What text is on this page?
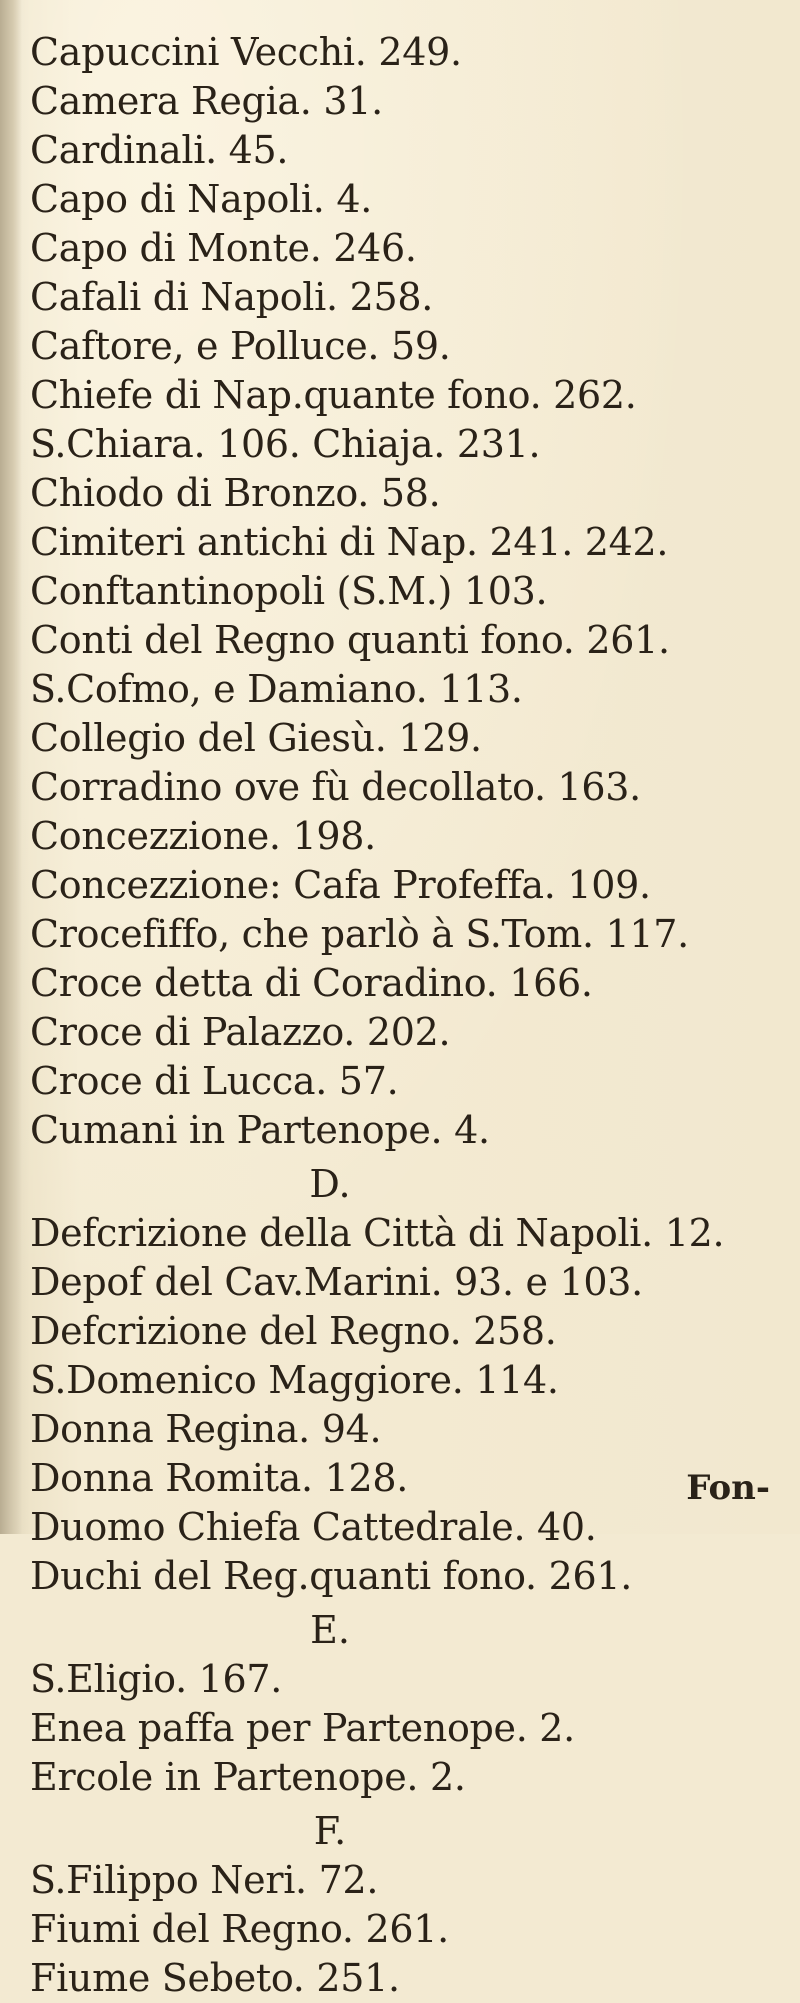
Capuccini Vecchi. 249.
Camera Regia. 31.
Cardinali. 45.
Capo di Napoli. 4.
Capo di Monte. 246.
Cafali di Napoli. 258.
Caftore, e Polluce. 59.
Chiefe di Nap.quante fono. 262.
S.Chiara. 106. Chiaja. 231.
Chiodo di Bronzo. 58.
Cimiteri antichi di Nap. 241. 242.
Conftantinopoli (S.M.) 103.
Conti del Regno quanti fono. 261.
S.Cofmo, e Damiano. 113.
Collegio del Giesù. 129.
Corradino ove fù decollato. 163.
Concezzione. 198.
Concezzione: Cafa Profeffa. 109.
Crocefiffo, che parlò à S.Tom. 117.
Croce detta di Coradino. 166.
Croce di Palazzo. 202.
Croce di Lucca. 57.
Cumani in Partenope. 4.
D.
Defcrizione della Città di Napoli. 12.
Depof del Cav.Marini. 93. e 103.
Defcrizione del Regno. 258.
S.Domenico Maggiore. 114.
Donna Regina. 94.
Donna Romita. 128.
Duomo Chiefa Cattedrale. 40.
Duchi del Reg.quanti fono. 261.
E.
S.Eligio. 167.
Enea paffa per Partenope. 2.
Ercole in Partenope. 2.
F.
S.Filippo Neri. 72.
Fiumi del Regno. 261.
Fiume Sebeto. 251.
Fon-
